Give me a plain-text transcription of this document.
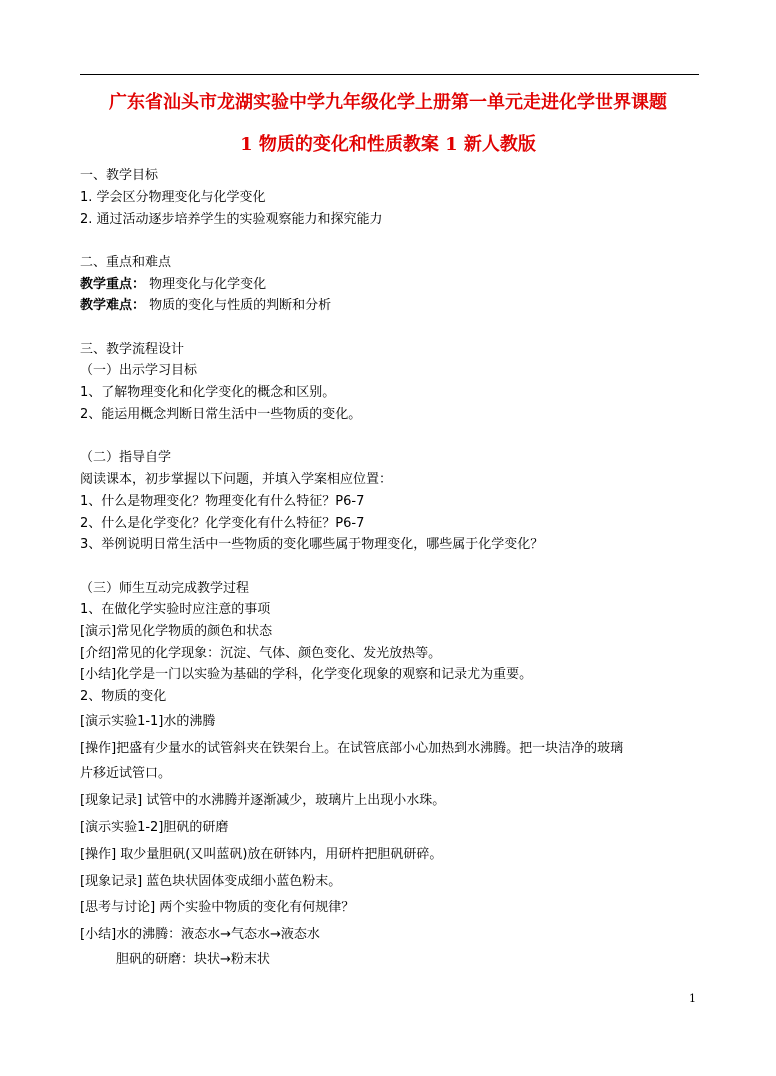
广东省汕头市龙湖实验中学九年级化学上册第一单元走进化学世界课题
1 物质的变化和性质教案 1 新人教版
一、教学目标
1. 学会区分物理变化与化学变化
2. 通过活动逐步培养学生的实验观察能力和探究能力
二、重点和难点
教学重点： 物理变化与化学变化
教学难点： 物质的变化与性质的判断和分析
三、教学流程设计
（一）出示学习目标
1、了解物理变化和化学变化的概念和区别。
2、能运用概念判断日常生活中一些物质的变化。
（二）指导自学
阅读课本，初步掌握以下问题，并填入学案相应位置：
1、什么是物理变化？物理变化有什么特征？P6-7
2、什么是化学变化？化学变化有什么特征？P6-7
3、举例说明日常生活中一些物质的变化哪些属于物理变化，哪些属于化学变化？
（三）师生互动完成教学过程
1、在做化学实验时应注意的事项
[演示]常见化学物质的颜色和状态
[介绍]常见的化学现象：沉淀、气体、颜色变化、发光放热等。
[小结]化学是一门以实验为基础的学科，化学变化现象的观察和记录尤为重要。
2、物质的变化
[演示实验1-1]水的沸腾
[操作]把盛有少量水的试管斜夹在铁架台上。在试管底部小心加热到水沸腾。把一块洁净的玻璃
片移近试管口。
[现象记录] 试管中的水沸腾并逐渐减少，玻璃片上出现小水珠。
[演示实验1-2]胆矾的研磨
[操作] 取少量胆矾(又叫蓝矾)放在研钵内，用研杵把胆矾研碎。
[现象记录] 蓝色块状固体变成细小蓝色粉末。
[思考与讨论] 两个实验中物质的变化有何规律？
[小结]水的沸腾：液态水→气态水→液态水
胆矾的研磨：块状→粉末状
1
